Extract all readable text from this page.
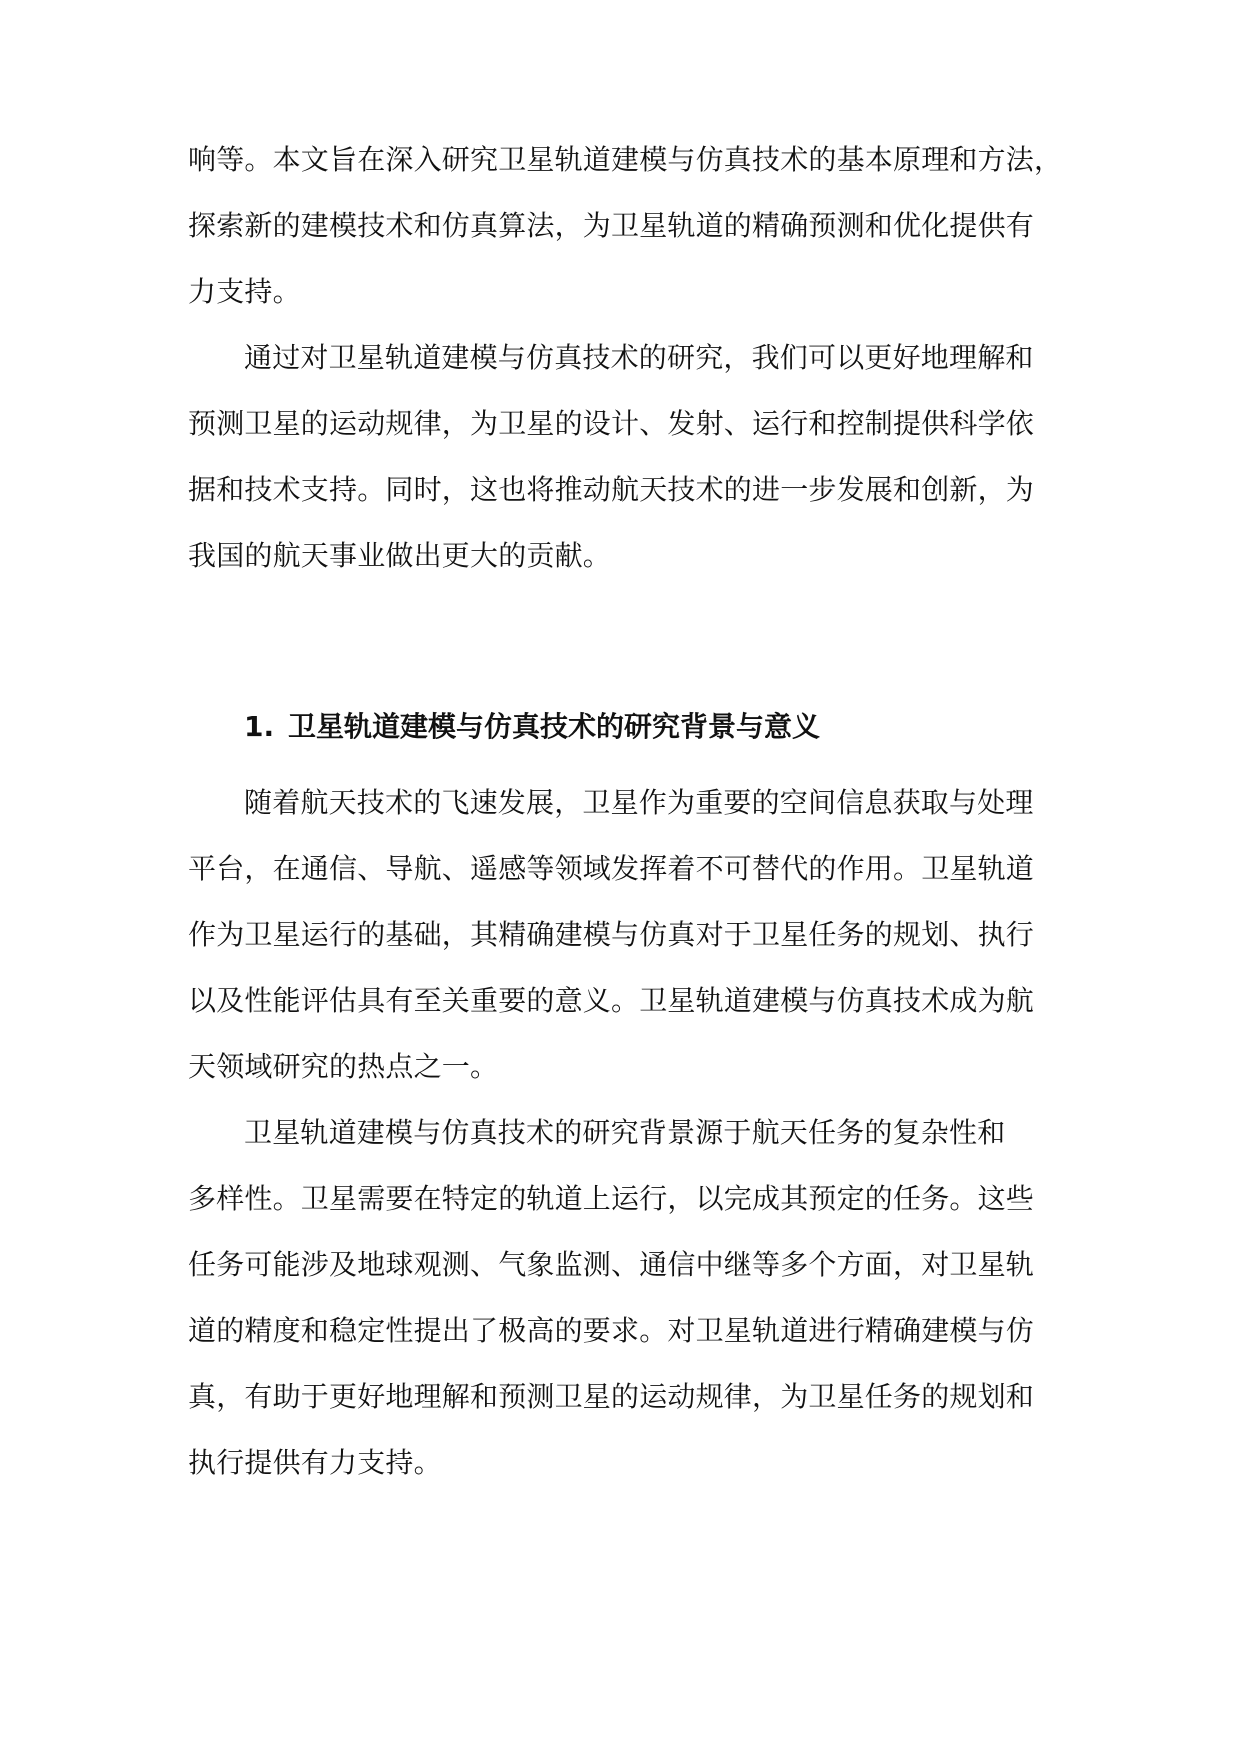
响等。本文旨在深入研究卫星轨道建模与仿真技术的基本原理和方法，
探索新的建模技术和仿真算法，为卫星轨道的精确预测和优化提供有
力支持。
通过对卫星轨道建模与仿真技术的研究，我们可以更好地理解和
预测卫星的运动规律，为卫星的设计、发射、运行和控制提供科学依
据和技术支持。同时，这也将推动航天技术的进一步发展和创新，为
我国的航天事业做出更大的贡献。
1. 卫星轨道建模与仿真技术的研究背景与意义
随着航天技术的飞速发展，卫星作为重要的空间信息获取与处理
平台，在通信、导航、遥感等领域发挥着不可替代的作用。卫星轨道
作为卫星运行的基础，其精确建模与仿真对于卫星任务的规划、执行
以及性能评估具有至关重要的意义。卫星轨道建模与仿真技术成为航
天领域研究的热点之一。
卫星轨道建模与仿真技术的研究背景源于航天任务的复杂性和
多样性。卫星需要在特定的轨道上运行，以完成其预定的任务。这些
任务可能涉及地球观测、气象监测、通信中继等多个方面，对卫星轨
道的精度和稳定性提出了极高的要求。对卫星轨道进行精确建模与仿
真，有助于更好地理解和预测卫星的运动规律，为卫星任务的规划和
执行提供有力支持。
